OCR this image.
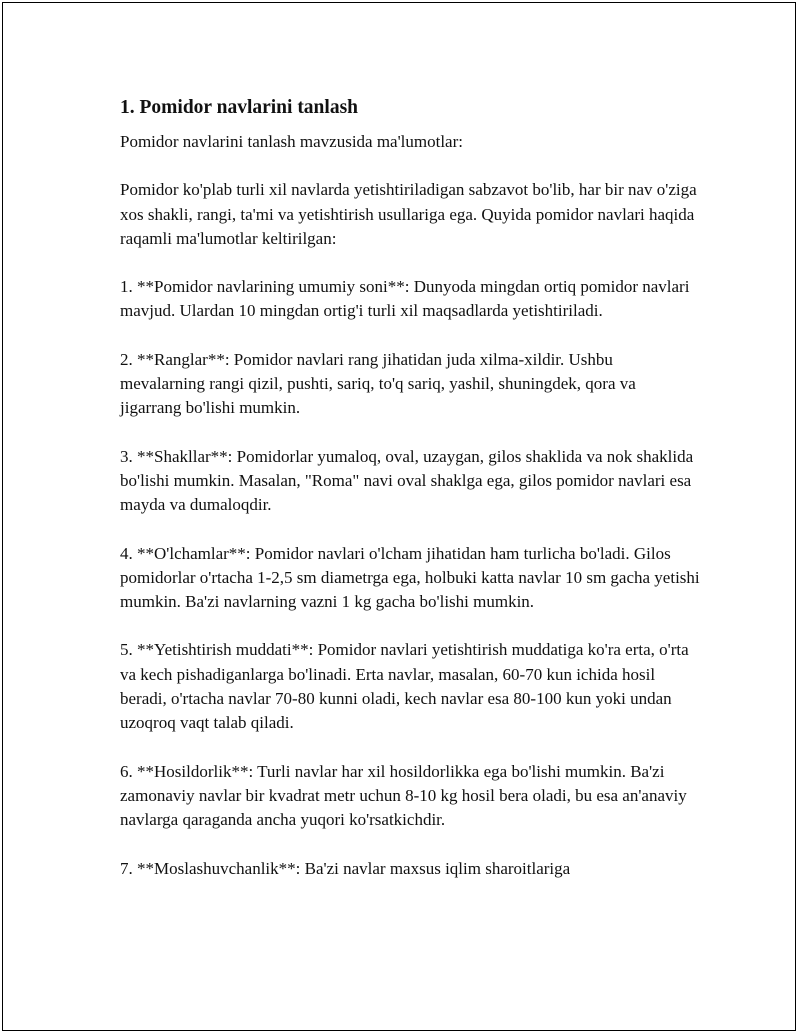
1. Pomidor navlarini tanlash

Pomidor navlarini tanlash mavzusida ma'lumotlar:

Pomidor ko'plab turli xil navlarda yetishtiriladigan sabzavot bo'lib, har bir nav o'ziga xos shakli, rangi, ta'mi va yetishtirish usullariga ega. Quyida pomidor navlari haqida raqamli ma'lumotlar keltirilgan:

1. **Pomidor navlarining umumiy soni**: Dunyoda mingdan ortiq pomidor navlari mavjud. Ulardan 10 mingdan ortig'i turli xil maqsadlarda yetishtiriladi.

2. **Ranglar**: Pomidor navlari rang jihatidan juda xilma-xildir. Ushbu mevalarning rangi qizil, pushti, sariq, to'q sariq, yashil, shuningdek, qora va jigarrang bo'lishi mumkin.

3. **Shakllar**: Pomidorlar yumaloq, oval, uzaygan, gilos shaklida va nok shaklida bo'lishi mumkin. Masalan, "Roma" navi oval shaklga ega, gilos pomidor navlari esa mayda va dumaloqdir.

4. **O'lchamlar**: Pomidor navlari o'lcham jihatidan ham turlicha bo'ladi. Gilos pomidorlar o'rtacha 1-2,5 sm diametrga ega, holbuki katta navlar 10 sm gacha yetishi mumkin. Ba'zi navlarning vazni 1 kg gacha bo'lishi mumkin.

5. **Yetishtirish muddati**: Pomidor navlari yetishtirish muddatiga ko'ra erta, o'rta va kech pishadiganlarga bo'linadi. Erta navlar, masalan, 60-70 kun ichida hosil beradi, o'rtacha navlar 70-80 kunni oladi, kech navlar esa 80-100 kun yoki undan uzoqroq vaqt talab qiladi.

6. **Hosildorlik**: Turli navlar har xil hosildorlikka ega bo'lishi mumkin. Ba'zi zamonaviy navlar bir kvadrat metr uchun 8-10 kg hosil bera oladi, bu esa an'anaviy navlarga qaraganda ancha yuqori ko'rsatkichdir.

7. **Moslashuvchanlik**: Ba'zi navlar maxsus iqlim sharoitlariga
